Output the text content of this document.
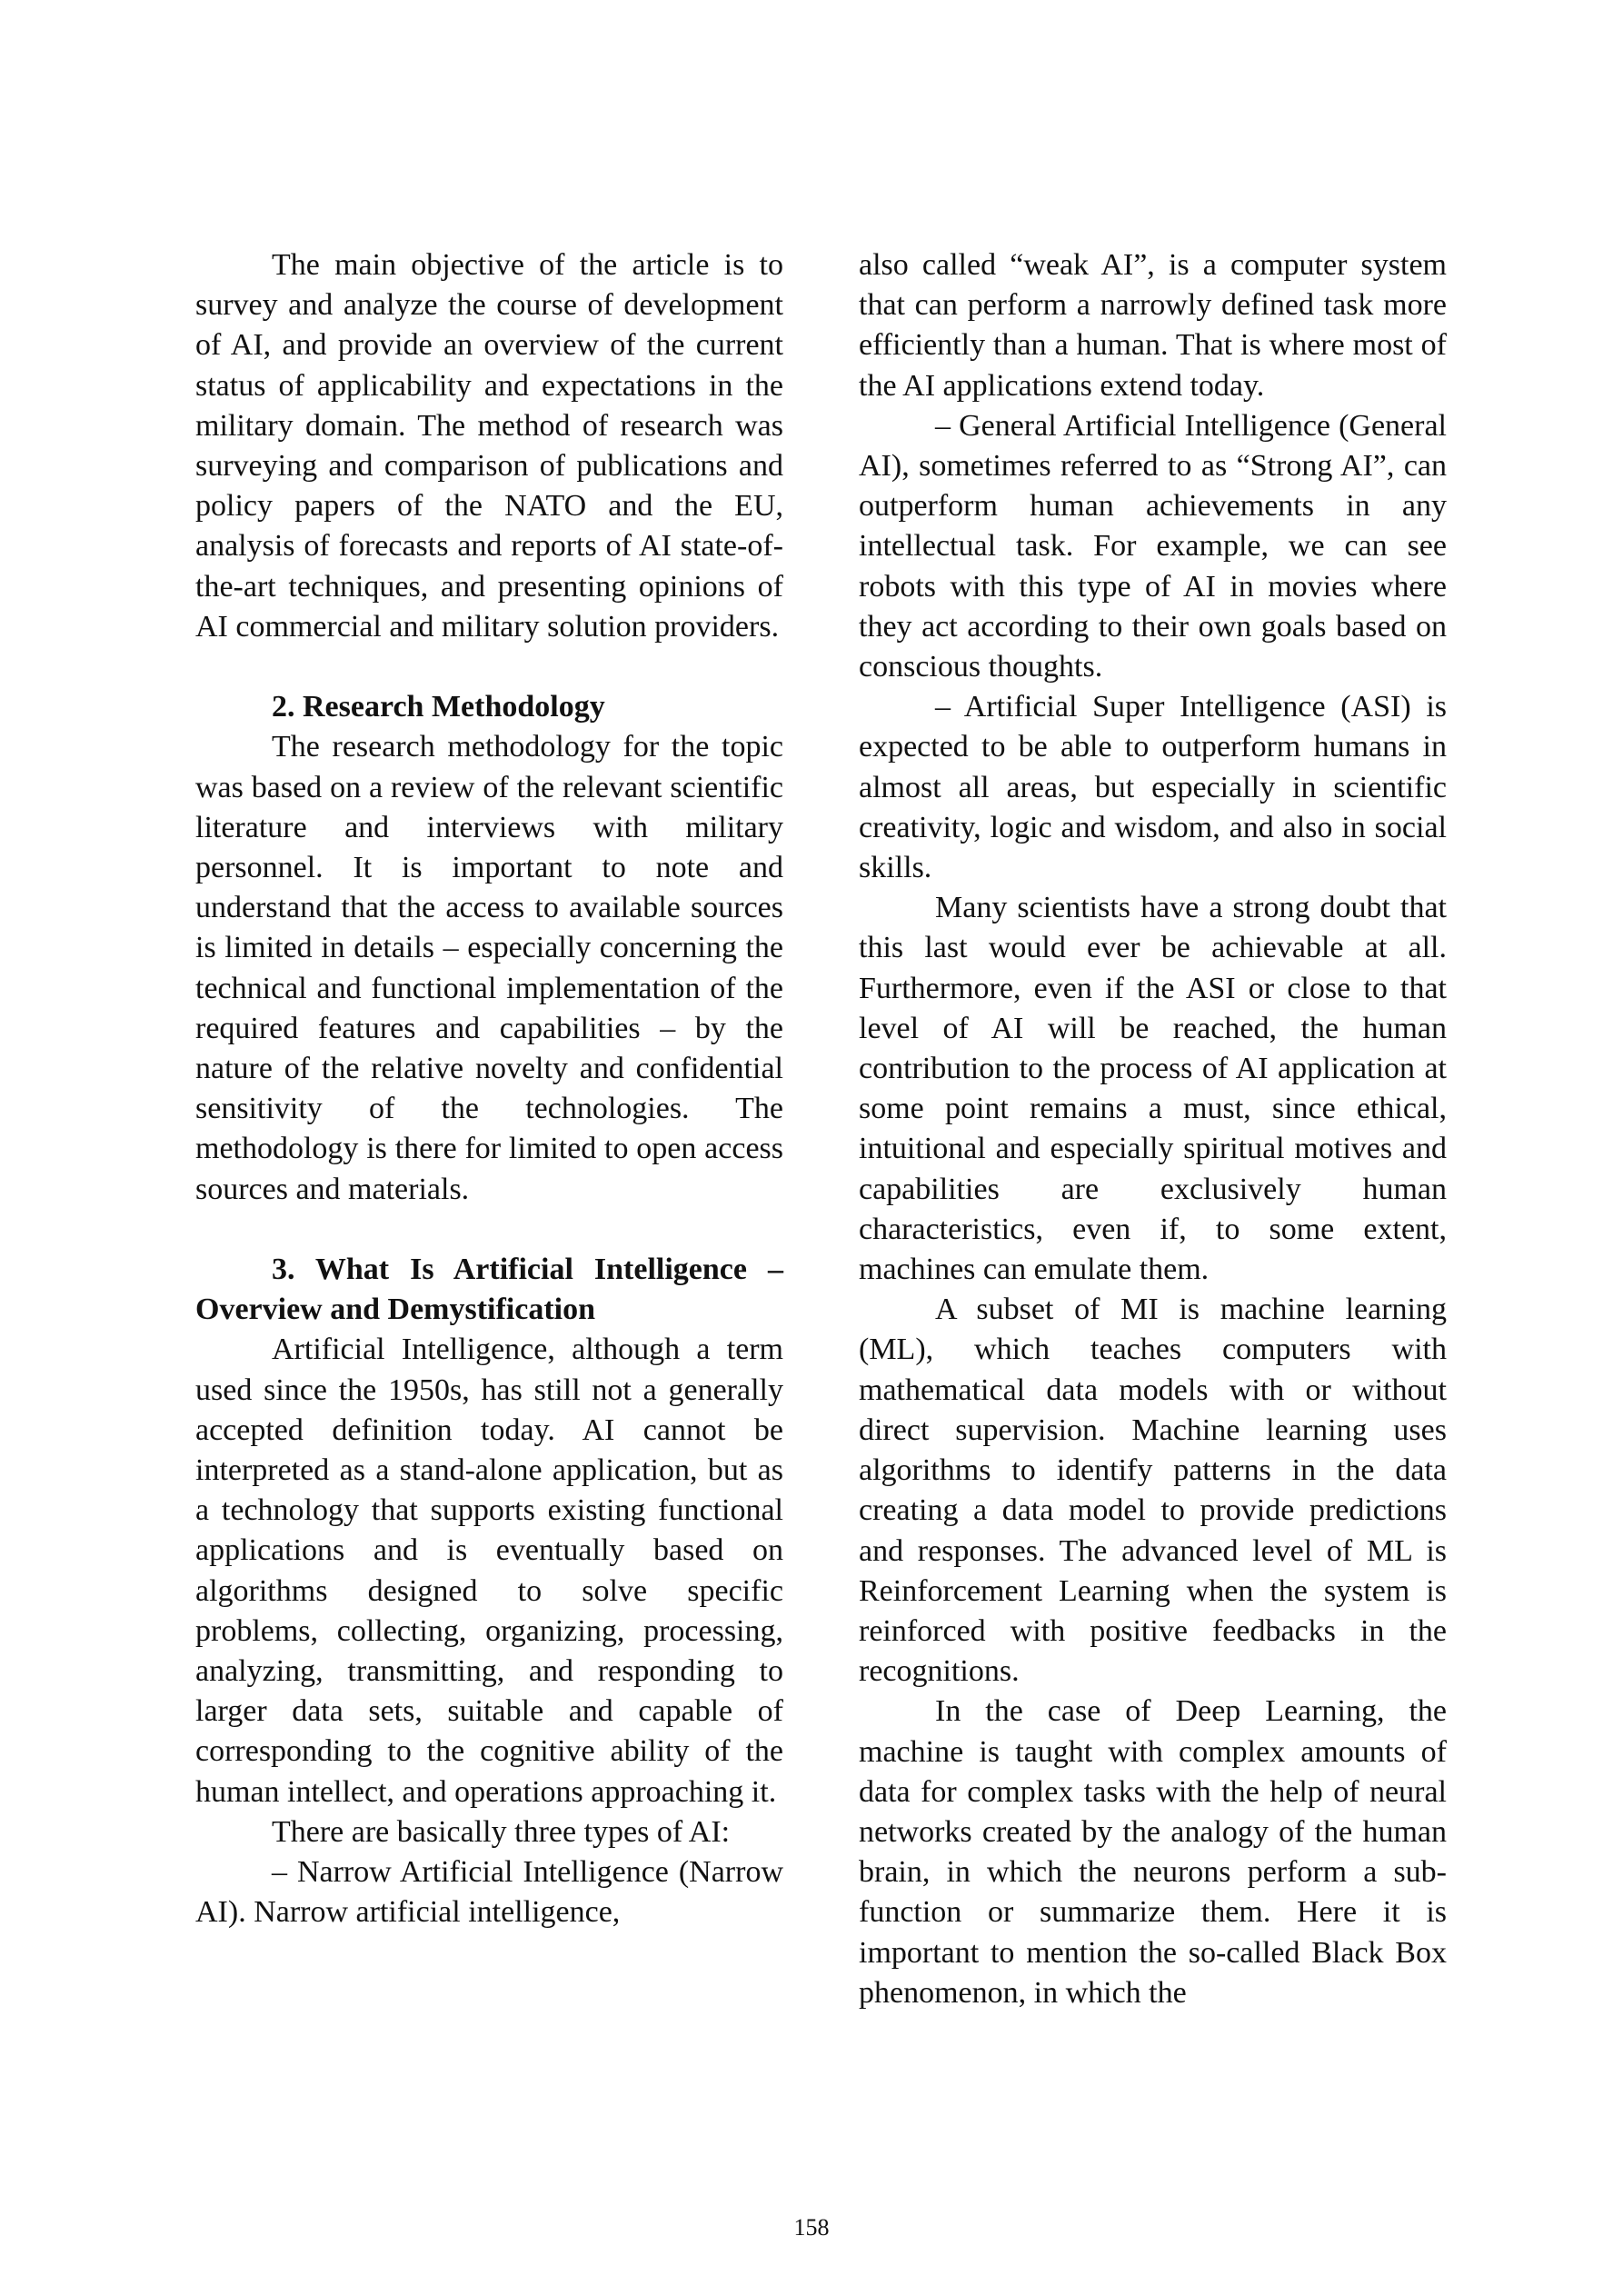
The main objective of the article is to survey and analyze the course of development of AI, and provide an overview of the current status of applicability and expectations in the military domain. The method of research was surveying and comparison of publications and policy papers of the NATO and the EU, analysis of forecasts and reports of AI state-of-the-art techniques, and presenting opinions of AI commercial and military solution providers.

2. Research Methodology

The research methodology for the topic was based on a review of the relevant scientific literature and interviews with military personnel. It is important to note and understand that the access to available sources is limited in details – especially concerning the technical and functional implementation of the required features and capabilities – by the nature of the relative novelty and confidential sensitivity of the technologies. The methodology is there for limited to open access sources and materials.

3. What Is Artificial Intelligence – Overview and Demystification

Artificial Intelligence, although a term used since the 1950s, has still not a generally accepted definition today. AI cannot be interpreted as a stand-alone application, but as a technology that supports existing functional applications and is eventually based on algorithms designed to solve specific problems, collecting, organizing, processing, analyzing, transmitting, and responding to larger data sets, suitable and capable of corresponding to the cognitive ability of the human intellect, and operations approaching it.

There are basically three types of AI:

– Narrow Artificial Intelligence (Narrow AI). Narrow artificial intelligence,

also called “weak AI”, is a computer system that can perform a narrowly defined task more efficiently than a human. That is where most of the AI applications extend today.

– General Artificial Intelligence (General AI), sometimes referred to as “Strong AI”, can outperform human achievements in any intellectual task. For example, we can see robots with this type of AI in movies where they act according to their own goals based on conscious thoughts.

– Artificial Super Intelligence (ASI) is expected to be able to outperform humans in almost all areas, but especially in scientific creativity, logic and wisdom, and also in social skills.

Many scientists have a strong doubt that this last would ever be achievable at all. Furthermore, even if the ASI or close to that level of AI will be reached, the human contribution to the process of AI application at some point remains a must, since ethical, intuitional and especially spiritual motives and capabilities are exclusively human characteristics, even if, to some extent, machines can emulate them.

A subset of MI is machine learning (ML), which teaches computers with mathematical data models with or without direct supervision. Machine learning uses algorithms to identify patterns in the data creating a data model to provide predictions and responses. The advanced level of ML is Reinforcement Learning when the system is reinforced with positive feedbacks in the recognitions.

In the case of Deep Learning, the machine is taught with complex amounts of data for complex tasks with the help of neural networks created by the analogy of the human brain, in which the neurons perform a sub-function or summarize them. Here it is important to mention the so-called Black Box phenomenon, in which the

158
